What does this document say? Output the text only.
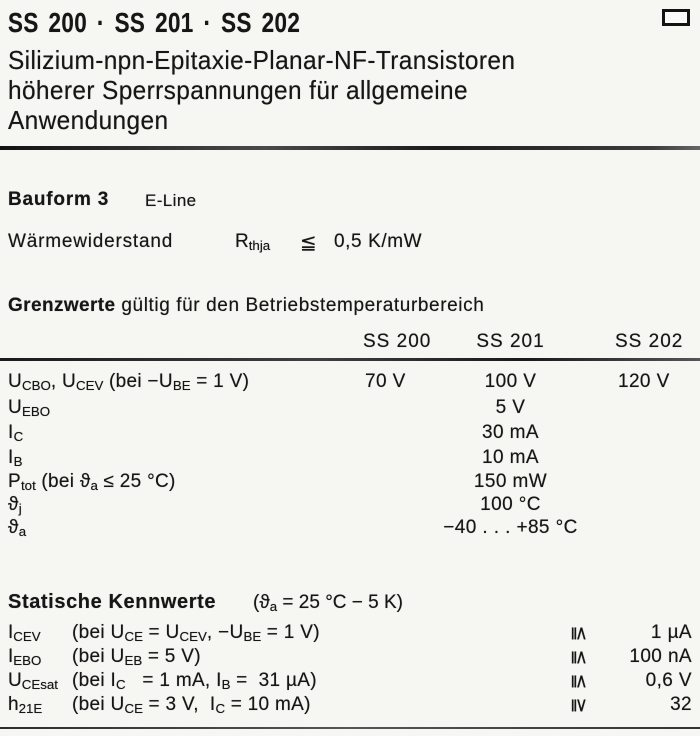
SS 200 · SS 201 · SS 202
Silizium-npn-Epitaxie-Planar-NF-Transistoren
höherer Sperrspannungen für allgemeine
Anwendungen
Bauform 3 E-Line
Wärmewiderstand	$R_{thja}$ ≦ 0,5 K/mW
Grenzwerte gültig für den Betriebstemperaturbereich
SS 200	SS 201	SS 202
$U_{CBO}$, $U_{CEV}$ ($bei -U_{BE} = 1$ V)	70 V	100 V	120 V
$U_{EBO}$	5 V
$I_C$	30 mA
$I_B$	10 mA
$P_{tot}$ (bei $ϑ_a \le 25$ °C)	150 mW
$ϑ_j$	100 °C
$ϑ_a$	−40 . . . +85 °C
Statische Kennwerte ($ϑ_a = 25$ °C − 5 K)
$I_{CEV}$	(bei $U_{CE} = U_{CEV}$, $-U_{BE} = 1$ V)	≦	1 µA
$I_{EBO}$	(bei $U_{EB} = 5$ V)	≦	100 nA
$U_{CEsat}$ (bei $I_C = 1$ mA, $I_B = 31$ µA)	≦	0,6 V
$h_{21E}$	(bei $U_{CE} = 3$ V,  $I_C = 10$ mA)	≧	32
